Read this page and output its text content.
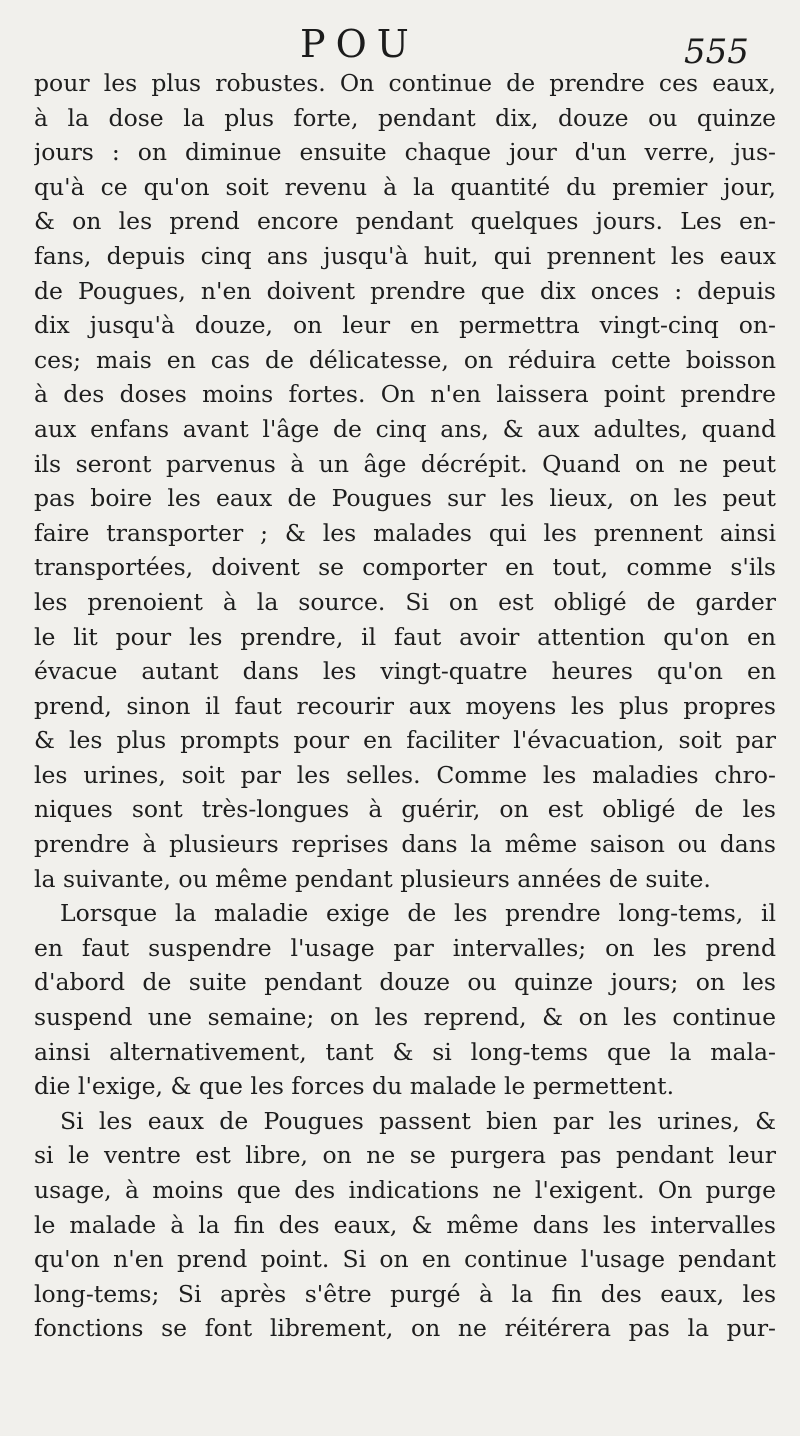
POU	555
pour les plus robustes. On continue de prendre ces eaux,
à la dose la plus forte, pendant dix, douze ou quinze
jours : on diminue ensuite chaque jour d'un verre, jus-
qu'à ce qu'on soit revenu à la quantité du premier jour,
& on les prend encore pendant quelques jours. Les en-
fans, depuis cinq ans jusqu'à huit, qui prennent les eaux
de Pougues, n'en doivent prendre que dix onces : depuis
dix jusqu'à douze, on leur en permettra vingt-cinq on-
ces; mais en cas de délicatesse, on réduira cette boisson
à des doses moins fortes. On n'en laissera point prendre
aux enfans avant l'âge de cinq ans, & aux adultes, quand
ils seront parvenus à un âge décrépit. Quand on ne peut
pas boire les eaux de Pougues sur les lieux, on les peut
faire transporter ; & les malades qui les prennent ainsi
transportées, doivent se comporter en tout, comme s'ils
les prenoient à la source. Si on est obligé de garder
le lit pour les prendre, il faut avoir attention qu'on en
évacue autant dans les vingt-quatre heures qu'on en
prend, sinon il faut recourir aux moyens les plus propres
& les plus prompts pour en faciliter l'évacuation, soit par
les urines, soit par les selles. Comme les maladies chro-
niques sont très-longues à guérir, on est obligé de les
prendre à plusieurs reprises dans la même saison ou dans
la suivante, ou même pendant plusieurs années de suite.
Lorsque la maladie exige de les prendre long-tems, il
en faut suspendre l'usage par intervalles; on les prend
d'abord de suite pendant douze ou quinze jours; on les
suspend une semaine; on les reprend, & on les continue
ainsi alternativement, tant & si long-tems que la mala-
die l'exige, & que les forces du malade le permettent.
Si les eaux de Pougues passent bien par les urines, &
si le ventre est libre, on ne se purgera pas pendant leur
usage, à moins que des indications ne l'exigent. On purge
le malade à la fin des eaux, & même dans les intervalles
qu'on n'en prend point. Si on en continue l'usage pendant
long-tems; Si après s'être purgé à la fin des eaux, les
fonctions se font librement, on ne réitérera pas la pur-
